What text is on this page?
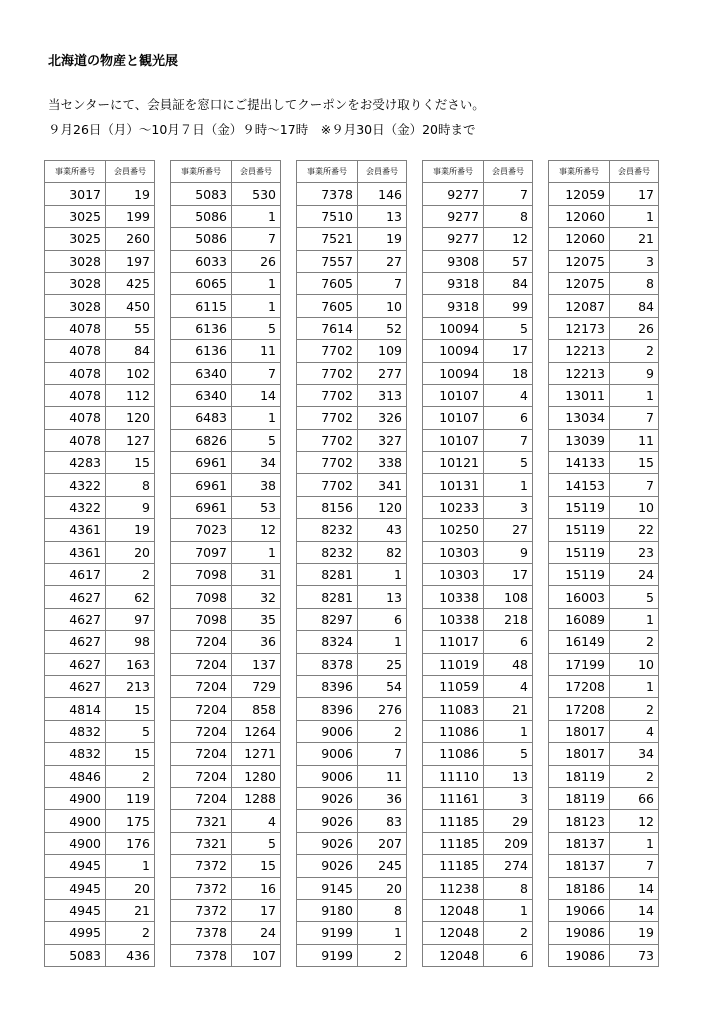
北海道の物産と観光展
当センターにて、会員証を窓口にご提出してクーポンをお受け取りください。
９月26日（月）〜10月７日（金）９時〜17時　※９月30日（金）20時まで
事業所番号	会員番号
3017	19
3025	199
3025	260
3028	197
3028	425
3028	450
4078	55
4078	84
4078	102
4078	112
4078	120
4078	127
4283	15
4322	8
4322	9
4361	19
4361	20
4617	2
4627	62
4627	97
4627	98
4627	163
4627	213
4814	15
4832	5
4832	15
4846	2
4900	119
4900	175
4900	176
4945	1
4945	20
4945	21
4995	2
5083	436
事業所番号	会員番号
5083	530
5086	1
5086	7
6033	26
6065	1
6115	1
6136	5
6136	11
6340	7
6340	14
6483	1
6826	5
6961	34
6961	38
6961	53
7023	12
7097	1
7098	31
7098	32
7098	35
7204	36
7204	137
7204	729
7204	858
7204	1264
7204	1271
7204	1280
7204	1288
7321	4
7321	5
7372	15
7372	16
7372	17
7378	24
7378	107
事業所番号	会員番号
7378	146
7510	13
7521	19
7557	27
7605	7
7605	10
7614	52
7702	109
7702	277
7702	313
7702	326
7702	327
7702	338
7702	341
8156	120
8232	43
8232	82
8281	1
8281	13
8297	6
8324	1
8378	25
8396	54
8396	276
9006	2
9006	7
9006	11
9026	36
9026	83
9026	207
9026	245
9145	20
9180	8
9199	1
9199	2
事業所番号	会員番号
9277	7
9277	8
9277	12
9308	57
9318	84
9318	99
10094	5
10094	17
10094	18
10107	4
10107	6
10107	7
10121	5
10131	1
10233	3
10250	27
10303	9
10303	17
10338	108
10338	218
11017	6
11019	48
11059	4
11083	21
11086	1
11086	5
11110	13
11161	3
11185	29
11185	209
11185	274
11238	8
12048	1
12048	2
12048	6
事業所番号	会員番号
12059	17
12060	1
12060	21
12075	3
12075	8
12087	84
12173	26
12213	2
12213	9
13011	1
13034	7
13039	11
14133	15
14153	7
15119	10
15119	22
15119	23
15119	24
16003	5
16089	1
16149	2
17199	10
17208	1
17208	2
18017	4
18017	34
18119	2
18119	66
18123	12
18137	1
18137	7
18186	14
19066	14
19086	19
19086	73
